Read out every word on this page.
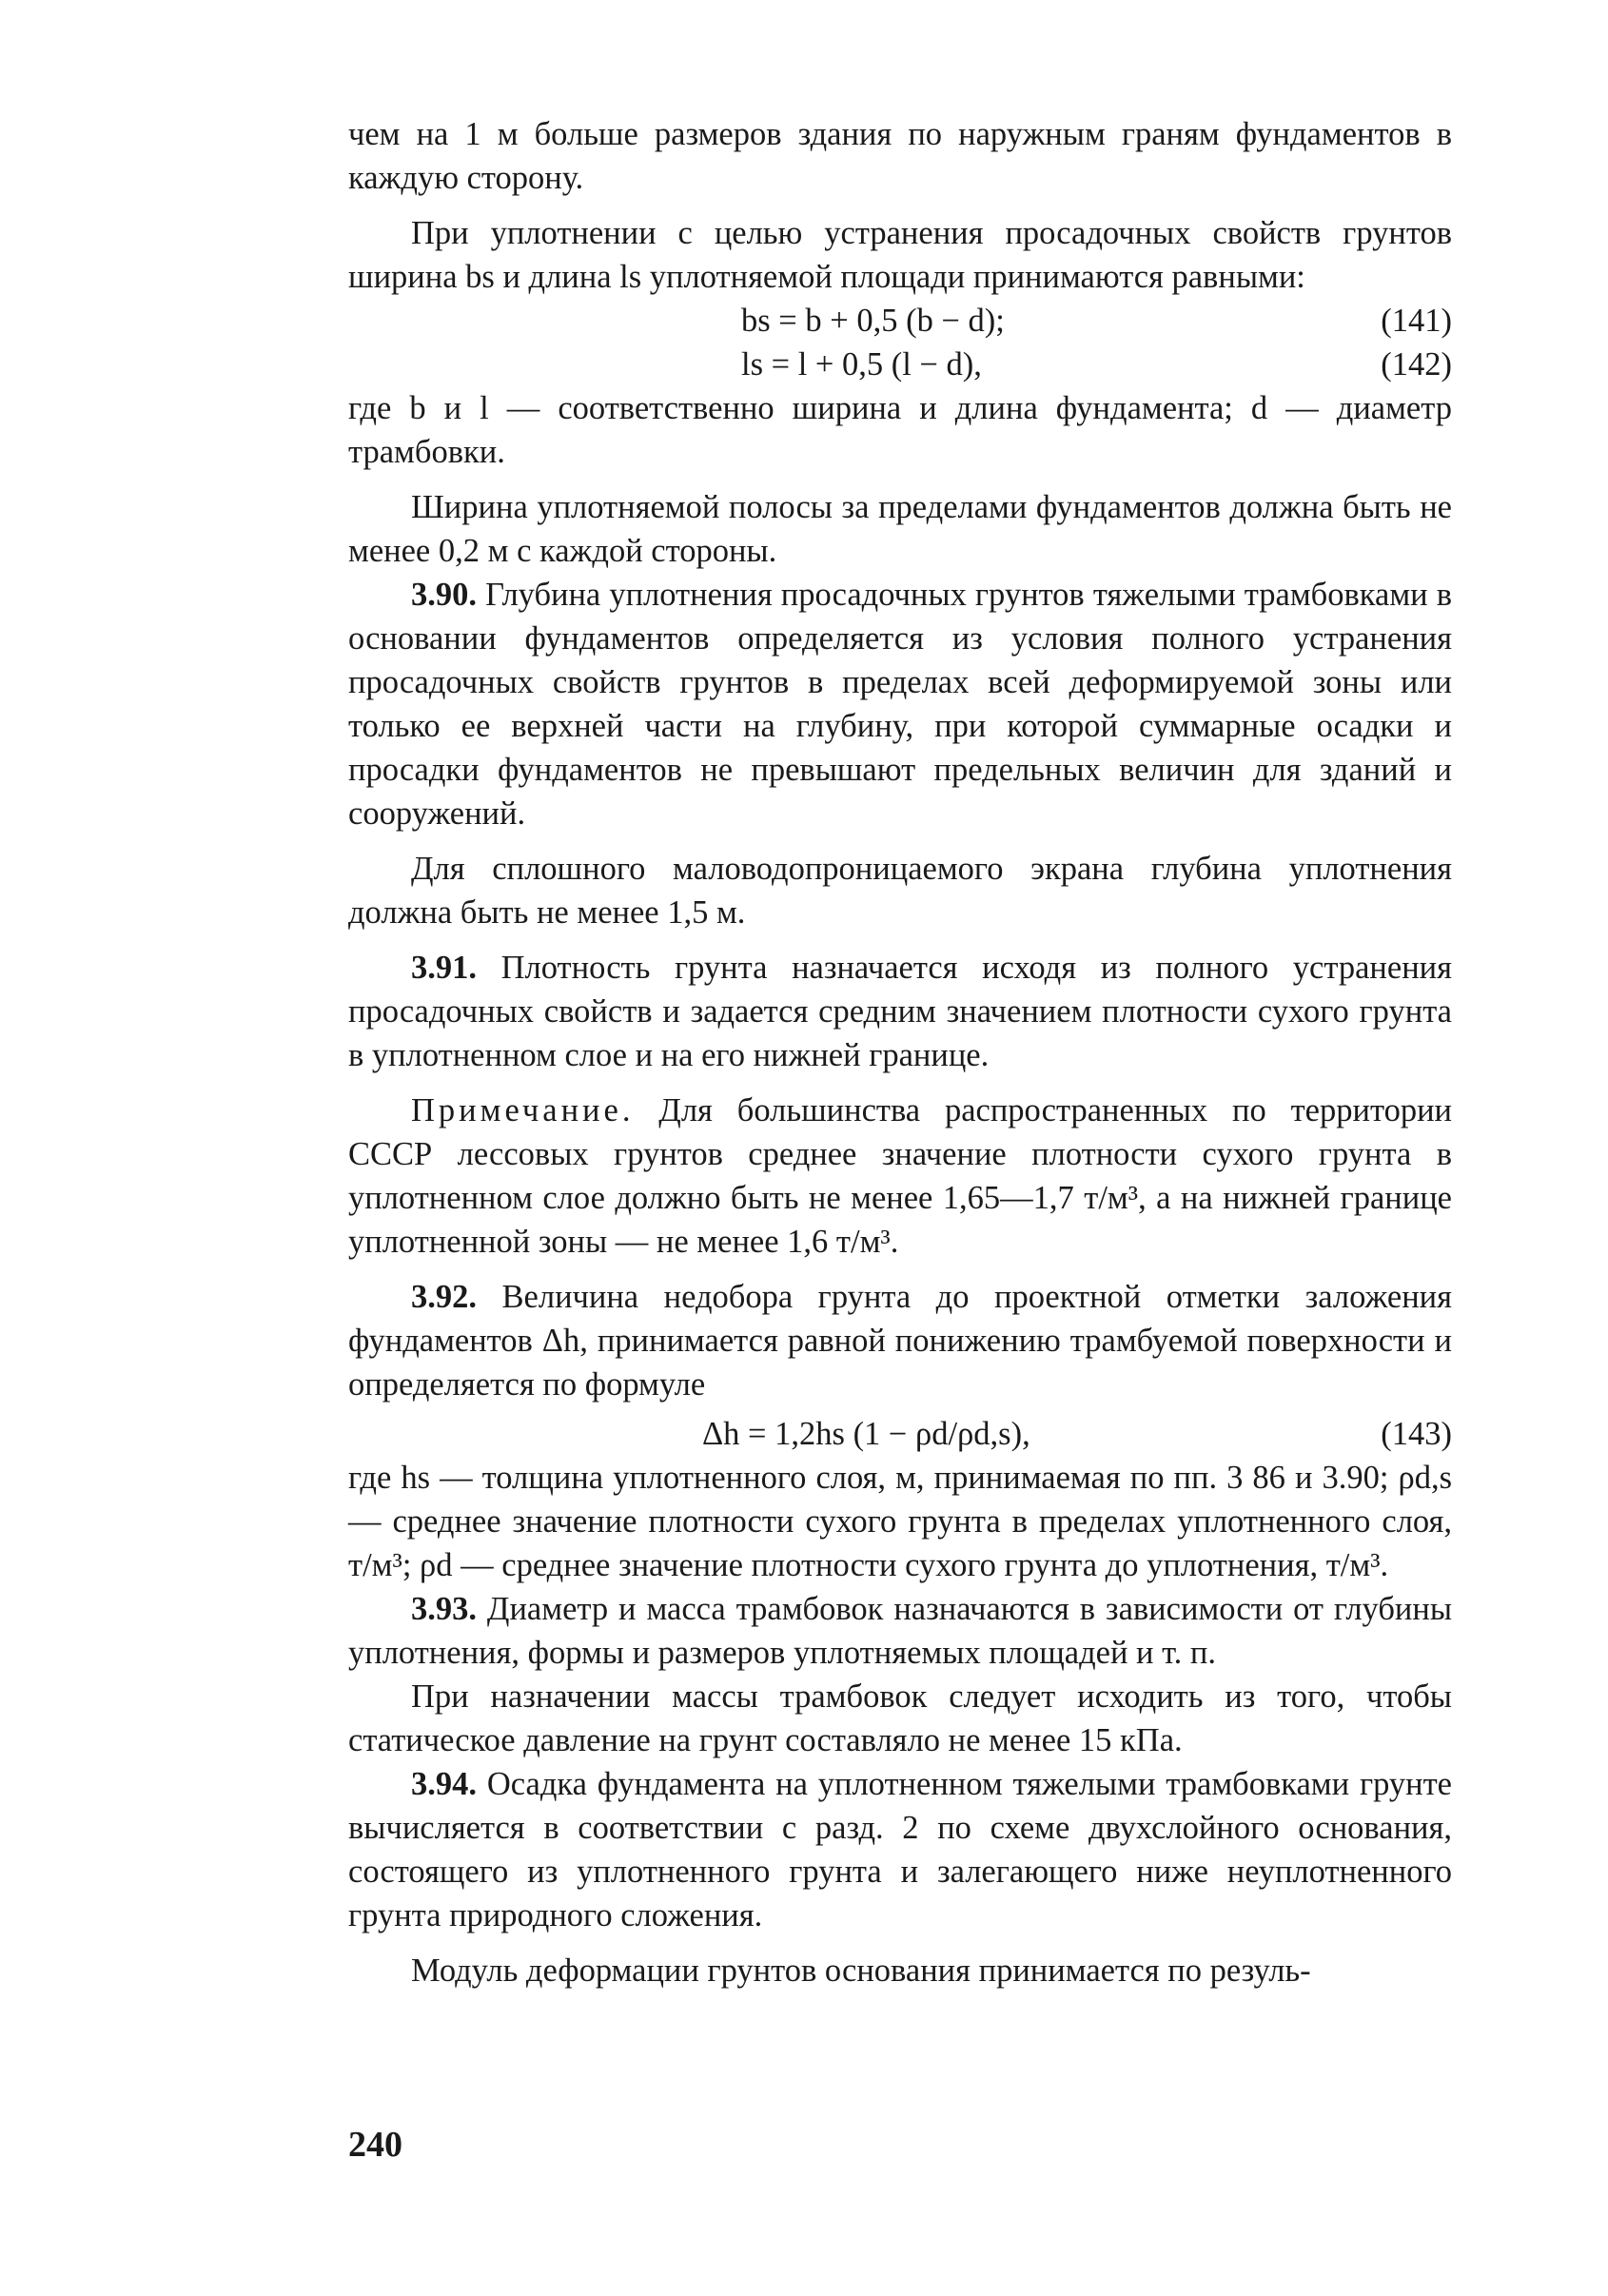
чем на 1 м больше размеров здания по наружным граням фундаментов в каждую сторону.

При уплотнении с целью устранения просадочных свойств грунтов ширина bs и длина ls уплотняемой площади принимаются равными:

bs = b + 0,5 (b − d);	(141)
ls = l + 0,5 (l − d),	(142)

где b и l — соответственно ширина и длина фундамента; d — диаметр трамбовки.

Ширина уплотняемой полосы за пределами фундаментов должна быть не менее 0,2 м с каждой стороны.

3.90. Глубина уплотнения просадочных грунтов тяжелыми трамбовками в основании фундаментов определяется из условия полного устранения просадочных свойств грунтов в пределах всей деформируемой зоны или только ее верхней части на глубину, при которой суммарные осадки и просадки фундаментов не превышают предельных величин для зданий и сооружений.

Для сплошного маловодопроницаемого экрана глубина уплотнения должна быть не менее 1,5 м.

3.91. Плотность грунта назначается исходя из полного устранения просадочных свойств и задается средним значением плотности сухого грунта в уплотненном слое и на его нижней границе.

Примечание. Для большинства распространенных по территории СССР лессовых грунтов среднее значение плотности сухого грунта в уплотненном слое должно быть не менее 1,65—1,7 т/м³, а на нижней границе уплотненной зоны — не менее 1,6 т/м³.

3.92. Величина недобора грунта до проектной отметки заложения фундаментов Δh, принимается равной понижению трамбуемой поверхности и определяется по формуле

Δh = 1,2hs (1 − ρd/ρd,s),	(143)

где hs — толщина уплотненного слоя, м, принимаемая по пп. 3 86 и 3.90; ρd,s — среднее значение плотности сухого грунта в пределах уплотненного слоя, т/м³; ρd — среднее значение плотности сухого грунта до уплотнения, т/м³.

3.93. Диаметр и масса трамбовок назначаются в зависимости от глубины уплотнения, формы и размеров уплотняемых площадей и т. п.

При назначении массы трамбовок следует исходить из того, чтобы статическое давление на грунт составляло не менее 15 кПа.

3.94. Осадка фундамента на уплотненном тяжелыми трамбовками грунте вычисляется в соответствии с разд. 2 по схеме двухслойного основания, состоящего из уплотненного грунта и залегающего ниже неуплотненного грунта природного сложения.

Модуль деформации грунтов основания принимается по резуль-

240
